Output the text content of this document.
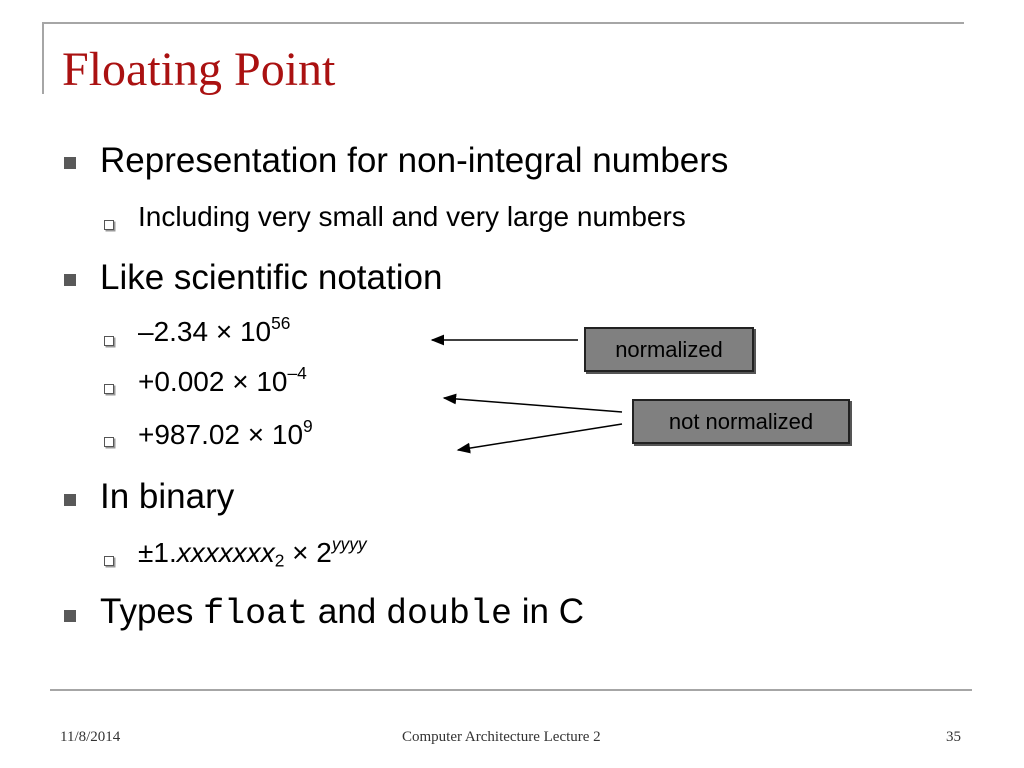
Floating Point
Representation for non-integral numbers
Including very small and very large numbers
Like scientific notation
$-2.34 \times 10^{56}$
$+0.002 \times 10^{-4}$
$+987.02 \times 10^9$
In binary
±1.xxxxxxx$_2$ × $2^{yyyy}$
Types float and double in C
normalized
not normalized
11/8/2014	Computer Architecture Lecture 2	35
